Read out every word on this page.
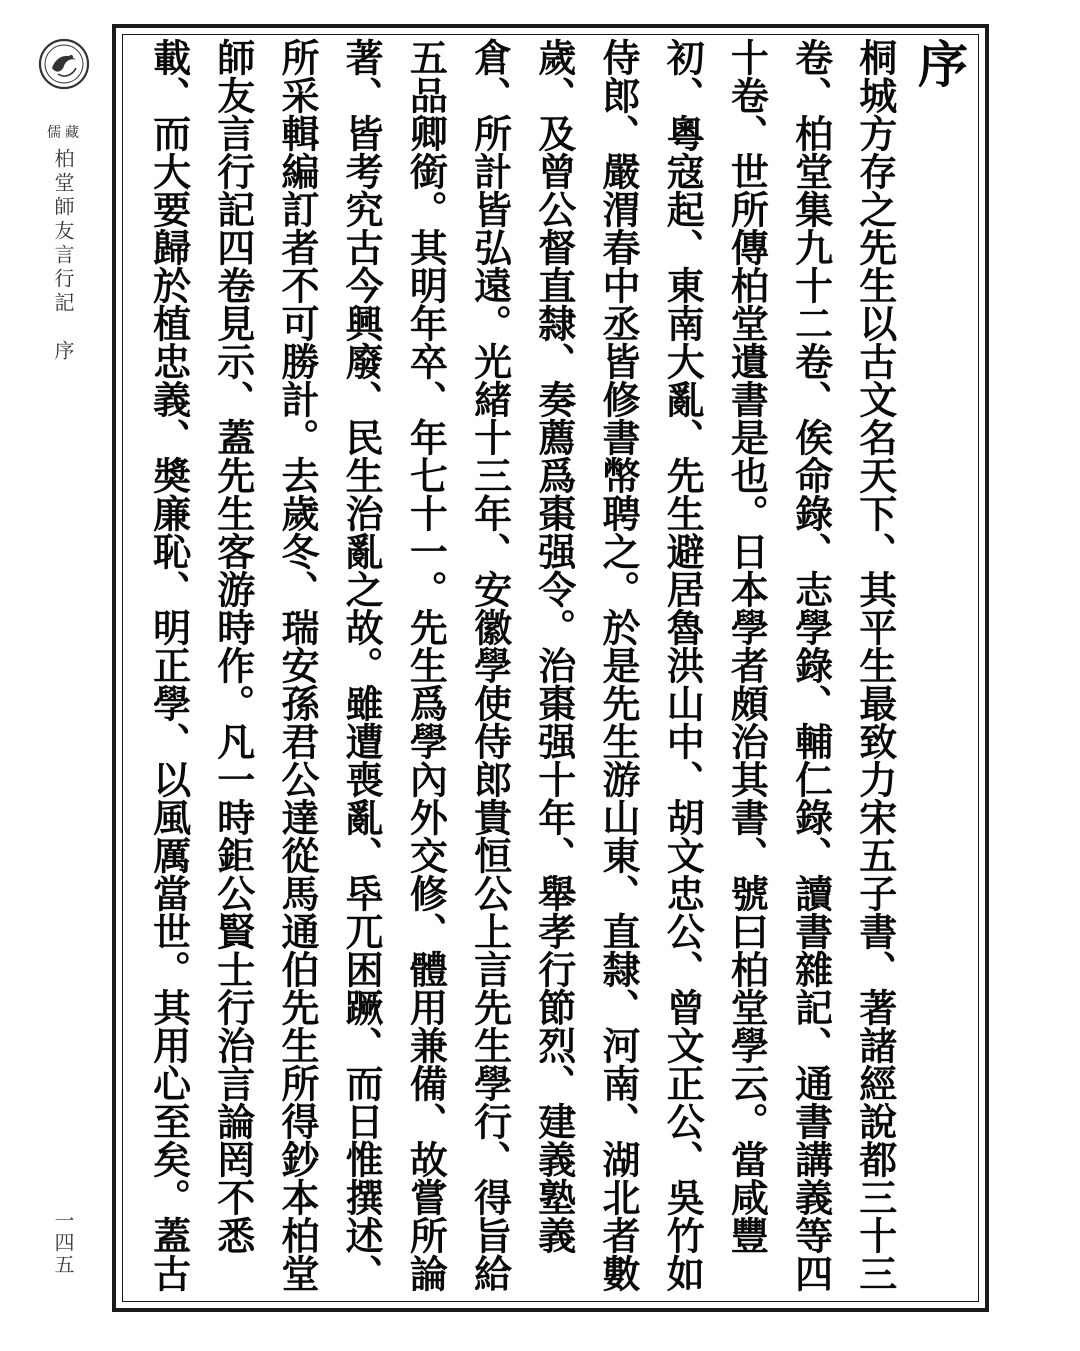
儒藏
柏堂師友言行記　序
一四五
序
桐城方存之先生以古文名天下、其平生最致力宋五子書、著諸經說都三十三卷、柏堂集九十二卷、俟命錄、志學錄、輔仁錄、讀書雜記、通書講義等四十卷、世所傳柏堂遺書是也。日本學者頗治其書、號曰柏堂學云。當咸豐初、粵寇起、東南大亂、先生避居魯洪山中、胡文忠公、曾文正公、吳竹如侍郎、嚴渭春中丞皆修書幣聘之。於是先生游山東、直隸、河南、湖北者數歲、及曾公督直隸、奏薦爲棗强令。治棗强十年、舉孝行節烈、建義塾義倉、所計皆弘遠。光緒十三年、安徽學使侍郎貴恒公上言先生學行、得旨給五品卿銜。其明年卒、年七十一。先生爲學內外交修、體用兼備、故嘗所論著、皆考究古今興廢、民生治亂之故。雖遭喪亂、氒兀困蹶、而日惟撰述、所采輯編訂者不可勝計。去歲冬、瑞安孫君公達從馬通伯先生所得鈔本柏堂師友言行記四卷見示、蓋先生客游時作。凡一時鉅公賢士行治言論罔不悉載、而大要歸於植忠義、奬廉恥、明正學、以風厲當世。其用心至矣。蓋古
